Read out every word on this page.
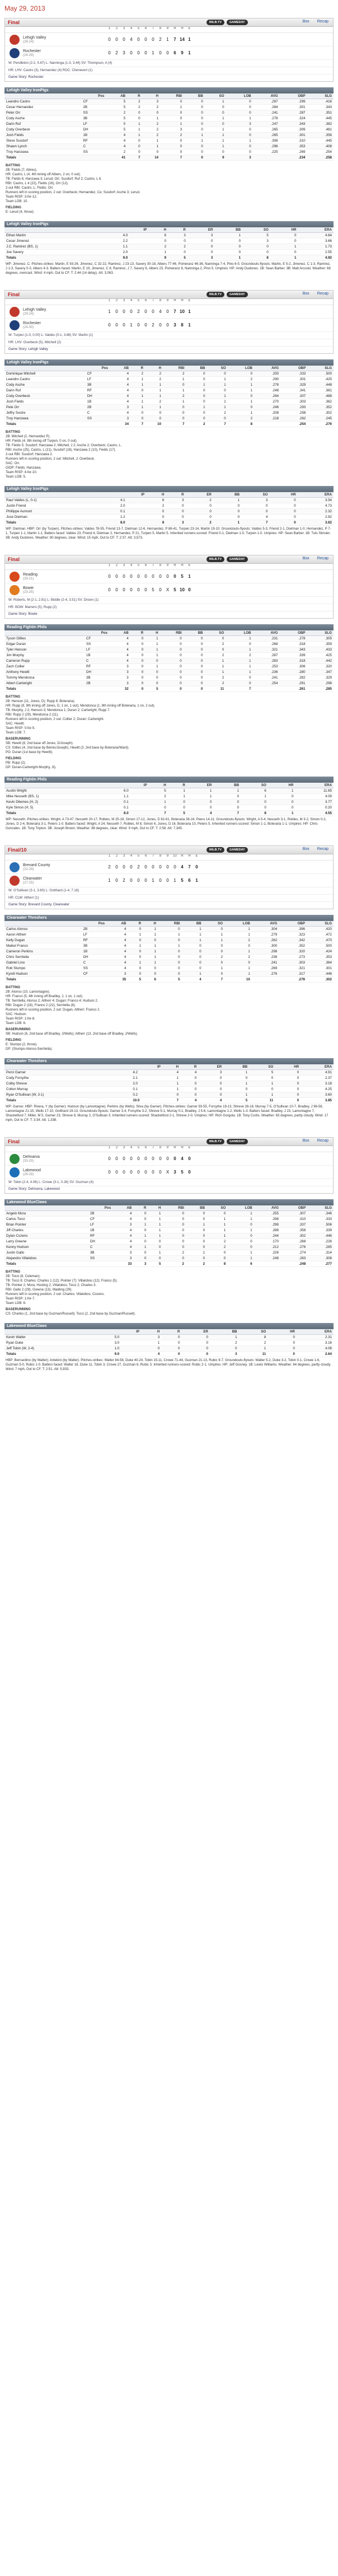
May 29, 2013
Final	MiLB.TV	GAMEDAY	Box Recap
1	2	3	4	5	6	7	8	9	R	H	E
Lehigh Valley
(28-24)	0	0	0	4	0	0	0	2	1	7 14 1
Rochester
(24-29)	0	2	3	0	0	0	1	0	0	6	9	1
W: Pendleton (2-2, 5.67) L: Nanninga (1-3, 3.44) SV: Thompson, A (4)
HR: LHV: Castro (3), Hernandez (4) ROC: Chenevert (1)
Game Story: Rochester
Lehigh Valley IronPigs
	Pos	AB	R	H	RBI	BB	SO	LOB	AVG	OBP	SLG
Leandro Castro	CF	5	2	3	0	0	1	0	.287	.299	.416
Cesar Hernandez	2B	5	2	2	1	0	0	0	.284	.301	.343
Peter Orr	SS	2	0	0	0	0	0	0	.241	.287	.351
Cody Asche	3B	5	0	1	0	0	1	1	.278	.324	.445
Darin Ruf	LF	5	1	2	1	0	0	3	.247	.343	.382
Cody Overbeck	DH	5	1	2	3	0	1	0	.265	.309	.481
Josh Fields	1B	4	1	2	2	1	1	0	.265	.301	.356
Steve Susdorf	RF	4	0	1	0	1	1	1	.306	.310	.445
Shawn Lynch	C	4	0	1	0	0	1	0	.296	.353	.408
Troy Hanzawa	SS	2	0	0	0	0	0	0	.225	.269	.254
Totals		41	7	14	7	0	9	3		.234	.258
BATTING
2B: Fields (7, Abreu).
HR: Castro, L (4, 4th inning off Albers, 2 on, 0 out).
TB: Fields 6; Hanzawa 3; Lerud; Orr; Susdorf; Ruf 2; Castro, L 6.
RBI: Castro, L 4 (22), Fields (16), Orr (12).
2-out RBI: Castro, L; Fields; Orr.
Runners left in scoring position, 2 out: Overbeck; Hernandez, Ce; Susdorf; Asche 3; Lerud.
Team RISP: 3-for-12.
Team LOB: 10.
FIELDING
E: Lerud (4, throw).
Lehigh Valley IronPigs
	IP	H	R	ER	BB	SO	HR	ERA
Ethan Martin	4.0	6	3	3	1	5	0	4.64
Cesar Jimenez	2.2	0	0	0	0	3	0	3.66
J.C. Ramirez (BS, 1)	1.1	2	2	0	0	0	1	1.73
Joe Savery	2.0	1	0	0	0	0	0	2.55
Totals	9.0	9	5	3	1	8	1	4.92
WP: Jimenez, C. Pitches-strikes: Martin, E 93-26, Jimenez, C 32-22, Ramirez, J 23-13, Savery 30-18, Albers 77-46, Pomeranz 46-36, Nanninga 7-4, Pino 6-5. Groundouts-flyouts: Martin, E 5-2, Jimenez, C 1-3, Ramirez, J 1-3, Savery 0-3, Albers 4-3. Batters faced: Martin, E 19, Jimenez, C 8, Ramirez, J 7, Savery 8, Albers 23, Pomeranz 8, Nanninga 2, Pino 5. Umpires: HP: Andy Dudones. 1B: Sean Barber. 3B: Matt Arcoski. Weather: 68 degrees, overcast. Wind: 4 mph, Out to CF. T: 2:44 (14 delay). Att: 3,063.
Final	MiLB.TV	GAMEDAY	Box Recap
1	2	3	4	5	6	7	8	9	R	H	E
Lehigh Valley
(29-24)	1	0	0	0	2	0	0	4	0	7 10 1
Rochester
(24-30)	0	0	0	1	0	0	2	0	0	3	8	1
W: Turpen (1-0, 0.00) L: Valdes (0-1, 3.86) SV: Martin (1)
HR: LHV: Overbeck (5), Mitchell (2)
Game Story: Lehigh Valley
Lehigh Valley IronPigs
	Pos	AB	R	H	RBI	BB	SO	LOB	AVG	OBP	SLG
Dominique Mitchell	CF	4	2	2	2	0	0	0	.250	.333	.500
Leandro Castro	LF	4	1	2	1	0	1	2	.290	.301	.425
Cody Asche	3B	4	1	1	0	1	1	1	.278	.329	.448
Darin Ruf	RF	4	0	1	1	0	0	1	.248	.341	.381
Cody Overbeck	DH	4	1	1	2	0	1	0	.264	.307	.488
Josh Fields	1B	4	1	2	1	0	1	1	.270	.303	.362
Pete Orr	2B	3	1	1	0	1	1	0	.246	.293	.352
Jeffry Sostre	C	4	0	0	0	0	2	1	.208	.258	.302
Troy Hanzawa	SS	3	0	0	0	0	0	2	.218	.262	.245
Totals		34	7	10	7	2	7	8		.254	.276
BATTING
2B: Mitchell (2, Hernandez P).
HR: Fields (4, 9th inning off Turpen, 0 on, 0 out).
TB: Fields 5; Susdorf; Hanzawa 2; Mitchell, J 2; Asche 2; Overbeck; Castro, L.
RBI: Asche (25), Castro, L (21), Susdorf (18), Hanzawa 2 (10), Fields (17).
2-out RBI: Susdorf; Hanzawa 2.
Runners left in scoring position, 2 out: Mitchell, J; Overbeck.
SAC: Orr.
GIDP: Fields; Hanzawa.
Team RISP: 4-for-10.
Team LOB: 5.
Lehigh Valley IronPigs
	IP	H	R	ER	BB	SO	HR	ERA
Raul Valdes (L, 0-1)	4.1	6	3	2	1	3	0	3.54
Justin Friend	2.0	2	0	0	0	0	0	4.73
Phillippe Aumont	0.1	0	0	0	0	0	0	2.32
Jose Dietman	1.2	0	0	0	0	4	0	2.92
Totals	8.0	8	3	2	1	7	0	3.62
WP: Dietman. HBP: Orr (by Turpen). Pitches-strikes: Valdes 78-55, Friend 13-7, Dietman 12-6, Hernandez, P 86-41, Turpen 23-14, Martin 19-10. Groundouts-flyouts: Valdes 5-3, Friend 2-1, Dietman 1-0, Hernandez, P 7-1, Turpen 1-1, Martin 1-1. Batters faced: Valdes 23, Friend 4, Dietman 2, Hernandez, P 21, Turpen 5, Martin 5. Inherited runners-scored: Friend 0-1, Dietman 1-0, Turpen 1-0. Umpires: HP: Sean Barber. 1B: Tuts Stinsler. 3B: Andy Dudones. Weather: 80 degrees, clear. Wind: 15 mph, Out to CF. T: 2:37. Att: 3,573.
Final	MiLB.TV	GAMEDAY	Box Recap
1	2	3	4	5	6	7	8	9	R	H	E
Reading
(29-21)	0	0	0	0	0	0	0	0	0	0	5	1
Bowie
(23-25)	0	0	0	0	0	0	5	0	X	5 10 0
W: Roberts, M (2-1, 2.91) L: Biddle (2-4, 3.51) SV: Drown (1)
HR: BOW: Marrero (5), Rupp (2)
Game Story: Bowie
Reading Fightin Phils
	Pos	AB	R	H	RBI	BB	SO	LOB	AVG	OBP	SLG
Tyson Gillies	CF	4	0	1	0	0	0	1	.231	.278	.305
Edgar Duran	SS	4	0	1	0	0	2	0	.268	.318	.359
Tyler Henson	LF	4	0	1	0	0	0	1	.321	.343	.433
Jim Murphy	1B	4	0	1	0	0	2	2	.287	.339	.425
Cameron Rupp	C	4	0	0	0	0	1	1	.283	.318	.442
Zach Collier	RF	3	0	1	0	0	1	1	.253	.306	.320
Anthony Hewitt	DH	3	0	0	0	0	1	1	.236	.280	.347
Tommy Mendonca	3B	3	0	0	0	0	2	0	.241	.282	.329
Albert Cartwright	2B	3	0	0	0	0	2	0	.254	.291	.298
Totals		32	0	5	0	0	11	7		.261	.285
BATTING
2B: Henson (11, Jones, D); Rupp 8; Boteraria).
HR: Rupp (8, 9th inning off Jones, D, 1 on, 1 out); Mendonca (1, 8th inning off Boteraria, 1 on, 2 out).
TB: Murphy, J 2; Henson 3; Mendonca 1; Duran 2; Cartwright; Rupp 7.
RBI: Rupp 2 (29), Mendonca 2 (11).
Runners left in scoring position, 2 out: Collier 2; Duran; Cartwright.
SAC: Hewitt.
Team RISP: 0-for-5.
Team LOB: 7.
BASERUNNING
SB: Hewitt (8, 2nd base off Jones, D/Joseph).
CS: Gillies (4, 2nd base by Bemis/Joseph). Hewitt (3, 2nd base by Boteraria/Ward).
PO: Duran (1st base by Hewitt).
FIELDING
PB: Rupp (2).
DP: Duran-Cartwright-Murphy, Jt).
Reading Fightin Phils
	IP	H	R	ER	BB	SO	HR	ERA
Austin Wright	6.0	5	1	1	1	6	1	11.65
Mike Nesseth (BS, 1)	1.1	2	1	1	0	1	0	4.09
Kevin Ditemes (H, 2)	0.1	1	0	0	0	0	0	3.77
Kyle Simon (H, 5)	0.1	0	0	0	0	0	0	0.20
Totals	8.0	7	5	4	7	8	1	4.55
WP: Nesseth. Pitches-strikes: Wright, A 73-47, Nesseth 20-17, Robles, M 25-18, Simon 17-12, Jones, D 62-61, Boteraria 38-24, Peers 14-11. Groundouts-flyouts: Wright, A 5-4, Nesseth 3-1, Robles, M 3-2, Simon 0-2, Jones, D 2-4, Boteraria 3-1, Peters 1-0. Batters faced: Wright, A 24, Nesseth 7, Robles, M 8, Simon 6, Jones, D 16, Boteraria 10, Peters 5. Inherited runners-scored: Simon 1-1, Boteraria 1-1. Umpires: HP: Chris Gonzales. 1B: Tony Tripton. 3B: Joseph Brown. Weather: 88 degrees, clear. Wind: 9 mph, Out to CF. T: 2:58. Att: 7,345.
Final/10	MiLB.TV	GAMEDAY	Box Recap
1	2	3	4	5	6	7	8	9	10	R	H	E
Brevard County
(22-29)	2	0	0	0	2	0	0	0	0	0	4	7	0
Clearwater
(27-25)	1	0	2	0	0	0	1	0	0	1	5	6	1
W: O'Sullivan (3-1, 3.60) L: Gotthard (1-4, 7.16)
HR: CLW: Altherr (1)
Game Story: Brevard County, Clearwater
Clearwater Threshers
	Pos	AB	R	H	RBI	BB	SO	LOB	AVG	OBP	SLG
Carlos Alonso	2B	4	0	1	0	1	0	1	.304	.396	.420
Aaron Altherr	LF	4	1	1	1	1	1	1	.279	.323	.472
Kelly Dugan	RF	4	0	0	0	1	1	2	.262	.342	.470
Maikel Franco	3B	4	1	1	1	0	0	0	.300	.352	.500
Cameron Perkins	1B	4	0	1	0	0	0	1	.298	.320	.424
Chris Serritella	DH	4	0	1	0	0	2	2	.236	.273	.353
Gabriel Lino	C	4	1	1	0	0	0	0	.241	.303	.364
Rob Stumpo	SS	4	0	0	0	0	1	1	.269	.321	.301
Kyrell Hudson	CF	3	0	0	0	1	0	1	.276	.317	.446
Totals		35	5	6	5	4	7	10		.278	.302
BATTING
2B: Alonso (10, Lamontagne).
HR: Franco (5, 4th inning off Bradley, J, 1 on, 1 out).
TB: Serritella; Alonso 2; Altherr 4; Dugan; Franco 4; Hudson 2.
RBI: Dugan 2 (18), Franco 2 (22), Serritella (8).
Runners left in scoring position, 2 out: Dugan, Altherr; Franco 2.
SAC: Hudson.
Team RISP: 1-for-8.
Team LOB: 6.
BASERUNNING
SB: Hudson (6, 2nd base off Bradley, J/Wells); Altherr (13, 2nd base off Bradley, J/Wells).
FIELDING
E: Stumpo (2, throw).
DP: (Stumpo-Alonso-Serritella).
Clearwater Threshers
	IP	H	R	ER	BB	SO	HR	ERA
Perci Garner	4.2	4	4	3	1	5	0	4.91
Cody Forsythe	2.1	1	0	0	0	0	0	2.37
Colby Shreve	2.0	1	0	0	1	1	0	3.18
Colton Murray	0.1	1	0	0	0	0	0	4.25
Ryan O'Sullivan (W, 3-1)	0.2	0	0	0	1	1	0	3.60
Totals	10.0	7	4	4	5	11	0	3.85
WP: Garner. HBP: Rivera, Y (by Garner); Hudson (by Lamontagne); Perkins (by Wells); Silva (by Garner). Pitches-strikes: Garner 93-55, Forsythe 19-13, Shreve 28-18, Murray 7-5, O'Sullivan 10-7, Bradley, J 96-58, Lamontagne 21-15, Wells 17-10, Gotthard 19-13. Groundouts-flyouts: Garner 3-4, Forsythe 3-2, Shreve 5-1, Murray 0-1, Bradley, J 5-6, Lamontagne 1-2, Wells 1-3. Batters faced: Bradley, J 23, Lamontagne 7, Shackelford 7, Miller, M 5, Garner 23, Shreve 8, Murray 2, O'Sullivan 3. Inherited runners-scored: Shackelford 2-1, Shreve 2-0. Umpires: HP: Rich Gorgola. 1B: Tony Curtis. Weather: 83 degrees, partly cloudy. Wind: 17 mph, Out to CF. T: 3:34. Att: 1,338.
Final	MiLB.TV	GAMEDAY	Box Recap
1	2	3	4	5	6	7	8	9	R	H	E
Delmarva
(33-20)	0	0	0	0	0	0	0	0	0	0	4	0
Lakewood
(26-28)	0	0	0	0	0	0	0	0	X	3	5	0
W: Tobin (2-4, 4.06) L: Crowe (3-1, 0.26) SV: Guzman (4)
Game Story: Delmarva, Lakewood
Lakewood BlueClaws
	Pos	AB	R	H	RBI	BB	SO	LOB	AVG	OBP	SLG
Angelo Mora	2B	4	0	1	0	0	0	1	.255	.307	.346
Carlos Tocci	CF	4	0	1	0	0	1	1	.298	.310	.333
Brian Pointer	LF	3	1	1	0	1	1	0	.298	.337	.506
Jiff Charles	1B	4	0	1	0	0	1	1	.288	.358	.339
Dylan Cozens	RF	4	1	1	0	0	1	0	.244	.302	.446
Larry Greene	DH	4	0	0	0	0	2	0	.170	.268	.226
Kenny Hudson	C	4	1	0	0	0	2	0	.212	.276	.285
Justin Gallo	3B	3	0	1	2	1	0	1	.226	.274	.314
Alejandro Villalobos	SS	3	0	0	0	0	0	1	.248	.283	.308
Totals		33	3	5	2	2	8	6		.248	.277
BATTING
2B: Tocci (8, Coleman).
TB: Tocci 8; Charles; Charles 1 (12); Pointer (7); Villalobos (12); Franco (5).
TB: Pointer 2; Mora; Hosting 2; Villalobos; Tocci 2; Charles 3.
RBI: Gallo 2 (29), Greene (13), Walding (29).
Runners left in scoring position, 2 out: Charles; Villalobos; Cozens.
Team RISP: 1-for-7.
Team LOB: 6.
BASERUNNING
CS: Charles (1, 2nd base by Guzman/Russell); Tocci (2, 2nd base by Guzman/Russell).
Lakewood BlueClaws
	IP	H	R	ER	BB	SO	HR	ERA
Kevin Walter	5.0	3	0	0	1	8	0	2.31
Ryan Duke	3.0	1	0	0	2	2	0	3.16
Jeff Tobin (W, 2-4)	1.0	0	0	0	0	1	0	4.06
Totals	9.0	4	0	0	3	11	0	2.64
HBP: Bernardino (by Walter); Antekini (by Walter). Pitches-strikes: Walter 84-58, Duke 40-24, Tobin 15-11, Crowe 71-44, Guzman 21-13, Rubic 9-7. Groundouts-flyouts: Walter 5-2, Duke 3-2, Tobin 0-1, Crowe 1-6, Guzman 5-0, Rubic 1-0. Batters faced: Walter 18, Duke 11, Tobin 3, Crowe 27, Guzman 6, Rubic 3. Inherited runners-scored: Rubic 2-1. Umpires: HP: Jeff Gosney. 1B: Lewis Williams. Weather: 64 degrees, partly cloudy. Wind: 7 mph, Out to CF. T: 2:51. Att: 5,933.
